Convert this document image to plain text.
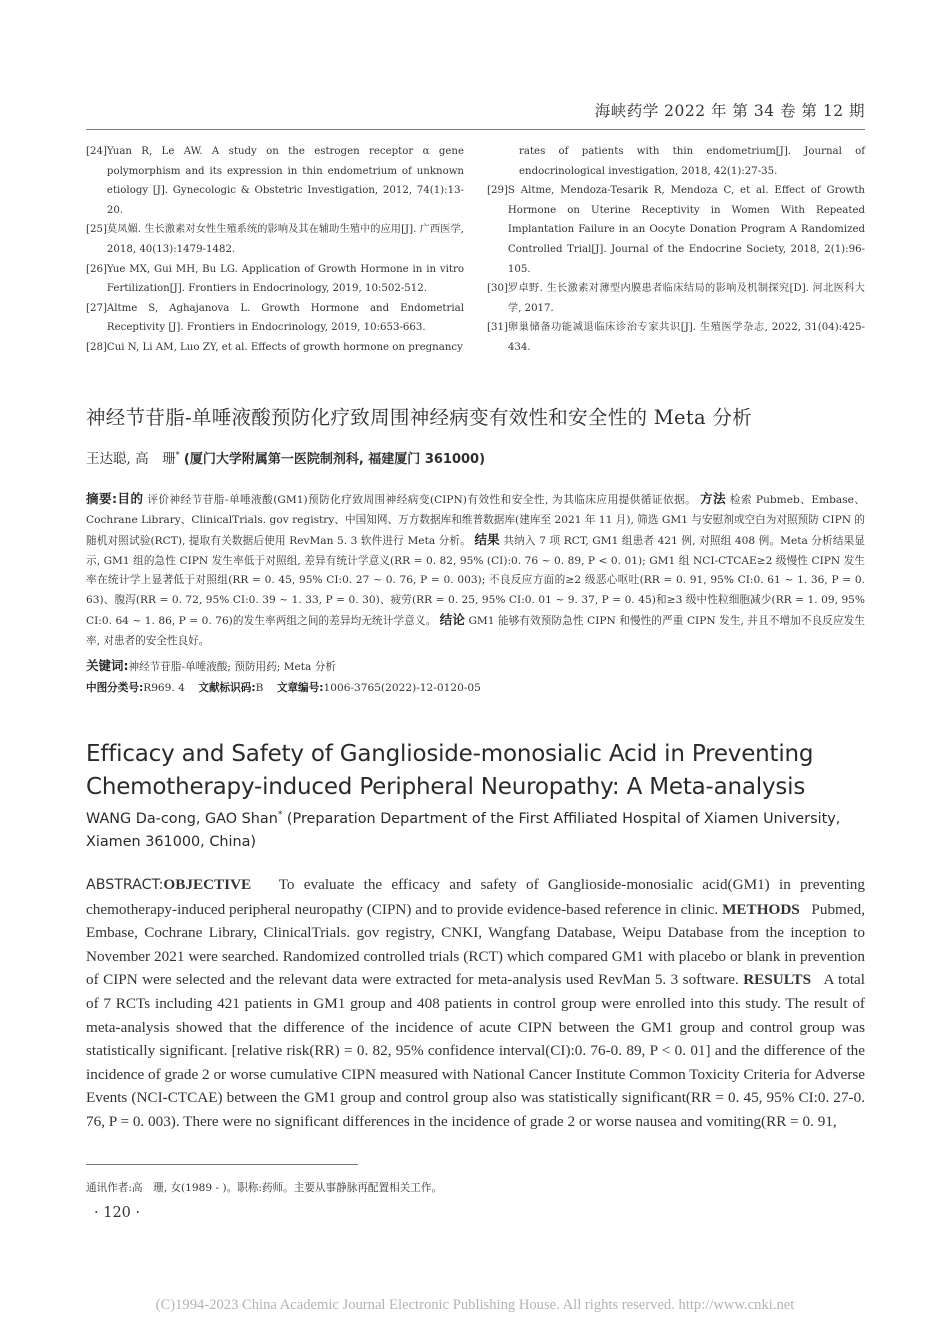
海峡药学 2022 年 第 34 卷 第 12 期
[24] Yuan R, Le AW. A study on the estrogen receptor α gene polymorphism and its expression in thin endometrium of unknown etiology [J]. Gynecologic & Obstetric Investigation, 2012, 74(1):13-20.
[25] 莫凤媚. 生长激素对女性生殖系统的影响及其在辅助生殖中的应用[J]. 广西医学, 2018, 40(13):1479-1482.
[26] Yue MX, Gui MH, Bu LG. Application of Growth Hormone in in vitro Fertilization[J]. Frontiers in Endocrinology, 2019, 10:502-512.
[27] Altme S, Aghajanova L. Growth Hormone and Endometrial Receptivity [J]. Frontiers in Endocrinology, 2019, 10:653-663.
[28] Cui N, Li AM, Luo ZY, et al. Effects of growth hormone on pregnancy
rates of patients with thin endometrium[J]. Journal of endocrinological investigation, 2018, 42(1):27-35.
[29] S Altme, Mendoza-Tesarik R, Mendoza C, et al. Effect of Growth Hormone on Uterine Receptivity in Women With Repeated Implantation Failure in an Oocyte Donation Program A Randomized Controlled Trial[J]. Journal of the Endocrine Society, 2018, 2(1):96-105.
[30] 罗卓野. 生长激素对薄型内膜患者临床结局的影响及机制探究[D]. 河北医科大学, 2017.
[31] 卵巢储备功能减退临床诊治专家共识[J]. 生殖医学杂志, 2022, 31(04):425-434.
神经节苷脂-单唾液酸预防化疗致周围神经病变有效性和安全性的 Meta 分析
王达聪, 高　珊* (厦门大学附属第一医院制剂科, 福建厦门 361000)
摘要:目的 评价神经节苷脂-单唾液酸(GM1)预防化疗致周围神经病变(CIPN)有效性和安全性, 为其临床应用提供循证依据。 方法 检索 Pubmeb、Embase、Cochrane Library、ClinicalTrials. gov registry、中国知网、万方数据库和维普数据库(建库至 2021 年 11 月), 筛选 GM1 与安慰剂或空白为对照预防 CIPN 的随机对照试验(RCT), 提取有关数据后使用 RevMan 5. 3 软件进行 Meta 分析。 结果 共纳入 7 项 RCT, GM1 组患者 421 例, 对照组 408 例。Meta 分析结果显示, GM1 组的急性 CIPN 发生率低于对照组, 差异有统计学意义(RR = 0. 82, 95% (CI):0. 76 ~ 0. 89, P < 0. 01); GM1 组 NCI-CTCAE≥2 级慢性 CIPN 发生率在统计学上显著低于对照组(RR = 0. 45, 95% CI:0. 27 ~ 0. 76, P = 0. 003); 不良反应方面的≥2 级恶心呕吐(RR = 0. 91, 95% CI:0. 61 ~ 1. 36, P = 0. 63)、腹泻(RR = 0. 72, 95% CI:0. 39 ~ 1. 33, P = 0. 30)、疲劳(RR = 0. 25, 95% CI:0. 01 ~ 9. 37, P = 0. 45)和≥3 级中性粒细胞减少(RR = 1. 09, 95% CI:0. 64 ~ 1. 86, P = 0. 76)的发生率两组之间的差异均无统计学意义。 结论 GM1 能够有效预防急性 CIPN 和慢性的严重 CIPN 发生, 并且不增加不良反应发生率, 对患者的安全性良好。
关键词:神经节苷脂-单唾液酸; 预防用药; Meta 分析
中图分类号:R969. 4 文献标识码:B 文章编号:1006-3765(2022)-12-0120-05
Efficacy and Safety of Ganglioside-monosialic Acid in Preventing Chemotherapy-induced Peripheral Neuropathy: A Meta-analysis
WANG Da-cong, GAO Shan* (Preparation Department of the First Affiliated Hospital of Xiamen University, Xiamen 361000, China)
ABSTRACT:OBJECTIVE To evaluate the efficacy and safety of Ganglioside-monosialic acid(GM1) in preventing chemotherapy-induced peripheral neuropathy (CIPN) and to provide evidence-based reference in clinic. METHODS Pubmed, Embase, Cochrane Library, ClinicalTrials. gov registry, CNKI, Wangfang Database, Weipu Database from the inception to November 2021 were searched. Randomized controlled trials (RCT) which compared GM1 with placebo or blank in prevention of CIPN were selected and the relevant data were extracted for meta-analysis used RevMan 5. 3 software. RESULTS A total of 7 RCTs including 421 patients in GM1 group and 408 patients in control group were enrolled into this study. The result of meta-analysis showed that the difference of the incidence of acute CIPN between the GM1 group and control group was statistically significant. [relative risk(RR) = 0. 82, 95% confidence interval(CI):0. 76-0. 89, P < 0. 01] and the difference of the incidence of grade 2 or worse cumulative CIPN measured with National Cancer Institute Common Toxicity Criteria for Adverse Events (NCI-CTCAE) between the GM1 group and control group also was statistically significant(RR = 0. 45, 95% CI:0. 27-0. 76, P = 0. 003). There were no significant differences in the incidence of grade 2 or worse nausea and vomiting(RR = 0. 91,
通讯作者:高　珊, 女(1989 - )。职称:药师。主要从事静脉再配置相关工作。
· 120 ·
(C)1994-2023 China Academic Journal Electronic Publishing House. All rights reserved. http://www.cnki.net
